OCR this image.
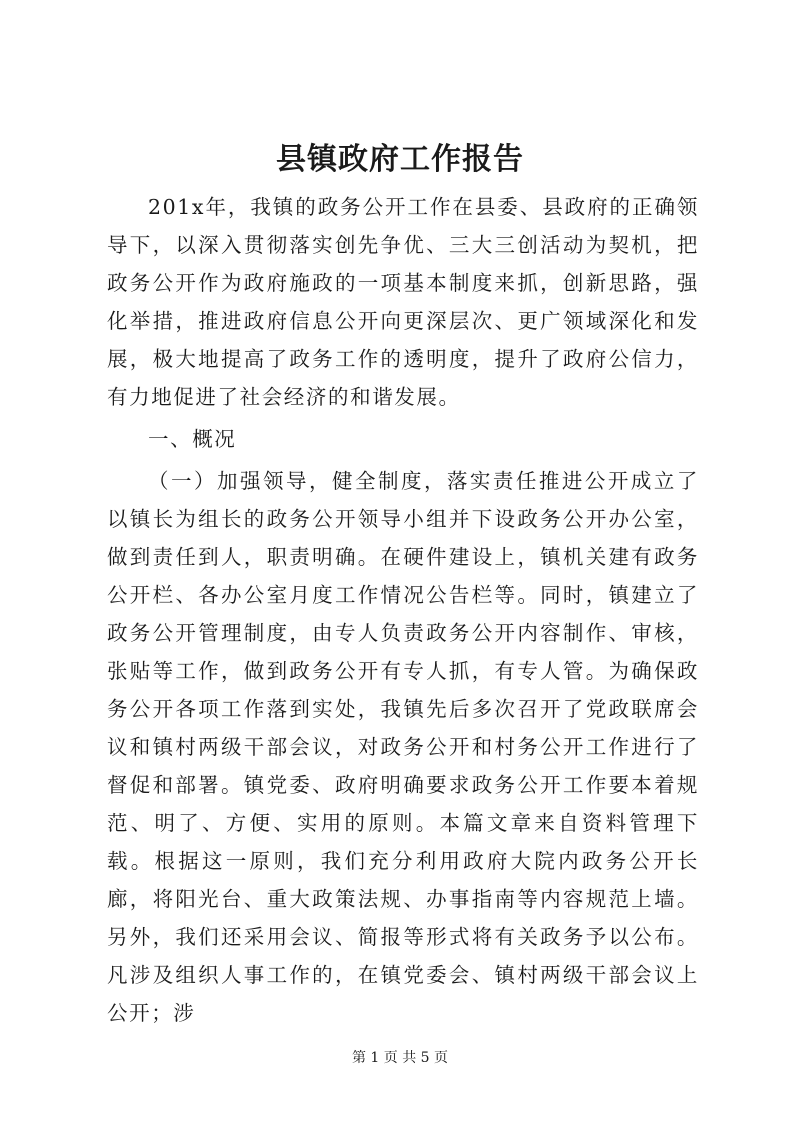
县镇政府工作报告

201x年，我镇的政务公开工作在县委、县政府的正确领导下，以深入贯彻落实创先争优、三大三创活动为契机，把政务公开作为政府施政的一项基本制度来抓，创新思路，强化举措，推进政府信息公开向更深层次、更广领域深化和发展，极大地提高了政务工作的透明度，提升了政府公信力，有力地促进了社会经济的和谐发展。

一、概况

（一）加强领导，健全制度，落实责任推进公开成立了以镇长为组长的政务公开领导小组并下设政务公开办公室，做到责任到人，职责明确。在硬件建设上，镇机关建有政务公开栏、各办公室月度工作情况公告栏等。同时，镇建立了政务公开管理制度，由专人负责政务公开内容制作、审核，张贴等工作，做到政务公开有专人抓，有专人管。为确保政务公开各项工作落到实处，我镇先后多次召开了党政联席会议和镇村两级干部会议，对政务公开和村务公开工作进行了督促和部署。镇党委、政府明确要求政务公开工作要本着规范、明了、方便、实用的原则。本篇文章来自资料管理下载。根据这一原则，我们充分利用政府大院内政务公开长廊，将阳光台、重大政策法规、办事指南等内容规范上墙。另外，我们还采用会议、简报等形式将有关政务予以公布。凡涉及组织人事工作的，在镇党委会、镇村两级干部会议上公开；涉

第 1 页 共 5 页
